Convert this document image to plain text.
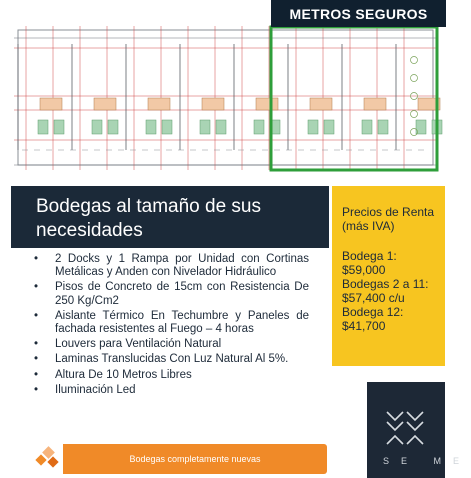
METROS SEGUROS
Bodegas al tamaño de sus necesidades
Precios de Renta (más IVA)
Bodega 1:
$59,000
Bodegas 2 a 11:
$57,400 c/u
Bodega 12:
$41,700
• 2 Docks y 1 Rampa por Unidad con Cortinas Metálicas y Anden con Nivelador Hidráulico
• Pisos de Concreto de 15cm con Resistencia De 250 Kg/Cm2
• Aislante Térmico En Techumbre y Paneles de fachada resistentes al Fuego – 4 horas
• Louvers para Ventilación Natural
• Laminas Translucidas Con Luz Natural Al 5%.
• Altura De 10 Metros Libres
• Iluminación Led
SE ME
Bodegas completamente nuevas
